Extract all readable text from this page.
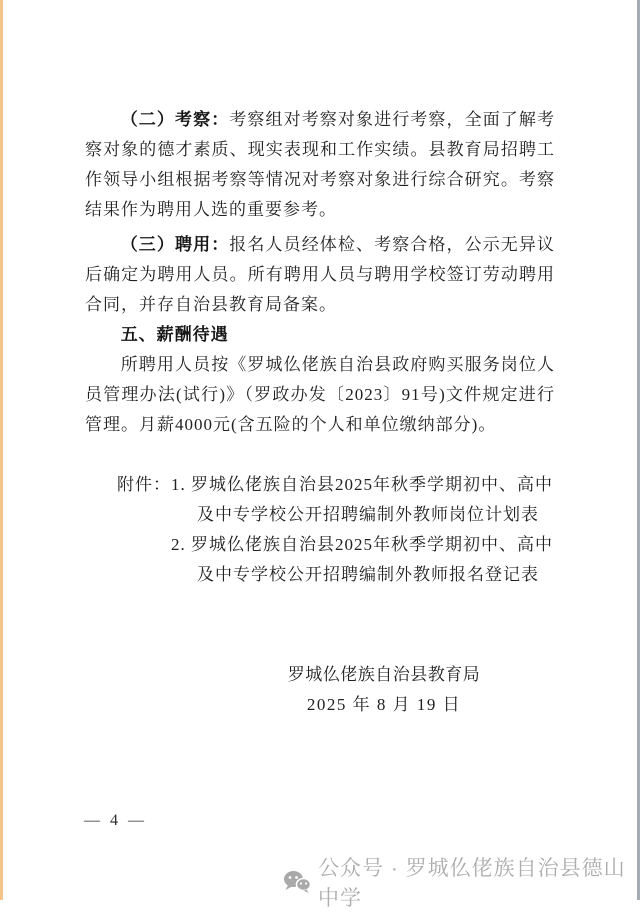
（二）考察：考察组对考察对象进行考察，全面了解考察对象的德才素质、现实表现和工作实绩。县教育局招聘工作领导小组根据考察等情况对考察对象进行综合研究。考察结果作为聘用人选的重要参考。

（三）聘用：报名人员经体检、考察合格，公示无异议后确定为聘用人员。所有聘用人员与聘用学校签订劳动聘用合同，并存自治县教育局备案。

五、薪酬待遇

所聘用人员按《罗城仫佬族自治县政府购买服务岗位人员管理办法(试行)》（罗政办发〔2023〕91号)文件规定进行管理。月薪4000元(含五险的个人和单位缴纳部分)。

附件： 1. 罗城仫佬族自治县2025年秋季学期初中、高中
及中专学校公开招聘编制外教师岗位计划表
2. 罗城仫佬族自治县2025年秋季学期初中、高中
及中专学校公开招聘编制外教师报名登记表
罗城仫佬族自治县教育局
2025 年 8 月 19 日
— 4 —
公众号 · 罗城仫佬族自治县德山中学
